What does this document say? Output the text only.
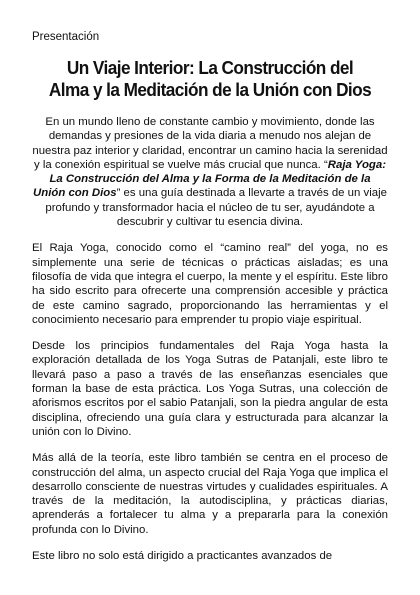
Presentación
Un Viaje Interior: La Construcción del
Alma y la Meditación de la Unión con Dios

En un mundo lleno de constante cambio y movimiento, donde las demandas y presiones de la vida diaria a menudo nos alejan de nuestra paz interior y claridad, encontrar un camino hacia la serenidad y la conexión espiritual se vuelve más crucial que nunca. “Raja Yoga: La Construcción del Alma y la Forma de la Meditación de la Unión con Dios” es una guía destinada a llevarte a través de un viaje profundo y transformador hacia el núcleo de tu ser, ayudándote a descubrir y cultivar tu esencia divina.

El Raja Yoga, conocido como el “camino real” del yoga, no es simplemente una serie de técnicas o prácticas aisladas; es una filosofía de vida que integra el cuerpo, la mente y el espíritu. Este libro ha sido escrito para ofrecerte una comprensión accesible y práctica de este camino sagrado, proporcionando las herramientas y el conocimiento necesario para emprender tu propio viaje espiritual.

Desde los principios fundamentales del Raja Yoga hasta la exploración detallada de los Yoga Sutras de Patanjali, este libro te llevará paso a paso a través de las enseñanzas esenciales que forman la base de esta práctica. Los Yoga Sutras, una colección de aforismos escritos por el sabio Patanjali, son la piedra angular de esta disciplina, ofreciendo una guía clara y estructurada para alcanzar la unión con lo Divino.

Más allá de la teoría, este libro también se centra en el proceso de construcción del alma, un aspecto crucial del Raja Yoga que implica el desarrollo consciente de nuestras virtudes y cualidades espirituales. A través de la meditación, la autodisciplina, y prácticas diarias, aprenderás a fortalecer tu alma y a prepararla para la conexión profunda con lo Divino.

Este libro no solo está dirigido a practicantes avanzados de
